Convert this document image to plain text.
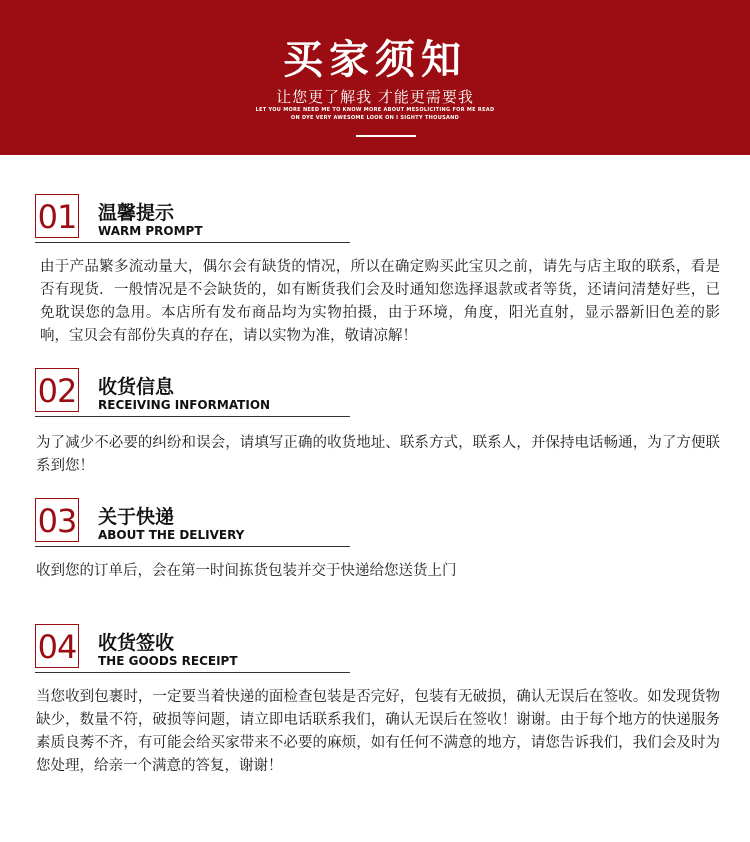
买家须知
让您更了解我 才能更需要我
LET YOU MORE NEED ME TO KNOW MORE ABOUT MESOLICITING FOR ME READ
ON DYE VERY AWESOME LOOK ON I SIGHTY THOUSAND
01 温馨提示
WARM PROMPT
由于产品繁多流动量大，偶尔会有缺货的情况，所以在确定购买此宝贝之前，请先与店主取的联系，看是否有现货．一般情况是不会缺货的，如有断货我们会及时通知您选择退款或者等货，还请问清楚好些，已免耽误您的急用。本店所有发布商品均为实物拍摄，由于环境，角度，阳光直射，显示器新旧色差的影响，宝贝会有部份失真的存在，请以实物为准，敬请凉解！
02 收货信息
RECEIVING INFORMATION
为了减少不必要的纠纷和误会，请填写正确的收货地址、联系方式，联系人，并保持电话畅通，为了方便联系到您！
03 关于快递
ABOUT THE DELIVERY
收到您的订单后，会在第一时间拣货包装并交于快递给您送货上门
04 收货签收
THE GOODS RECEIPT
当您收到包裹时，一定要当着快递的面检查包装是否完好，包装有无破损，确认无误后在签收。如发现货物缺少，数量不符，破损等问题，请立即电话联系我们，确认无误后在签收！谢谢。由于每个地方的快递服务素质良莠不齐，有可能会给买家带来不必要的麻烦，如有任何不满意的地方，请您告诉我们，我们会及时为您处理，给亲一个满意的答复，谢谢！
